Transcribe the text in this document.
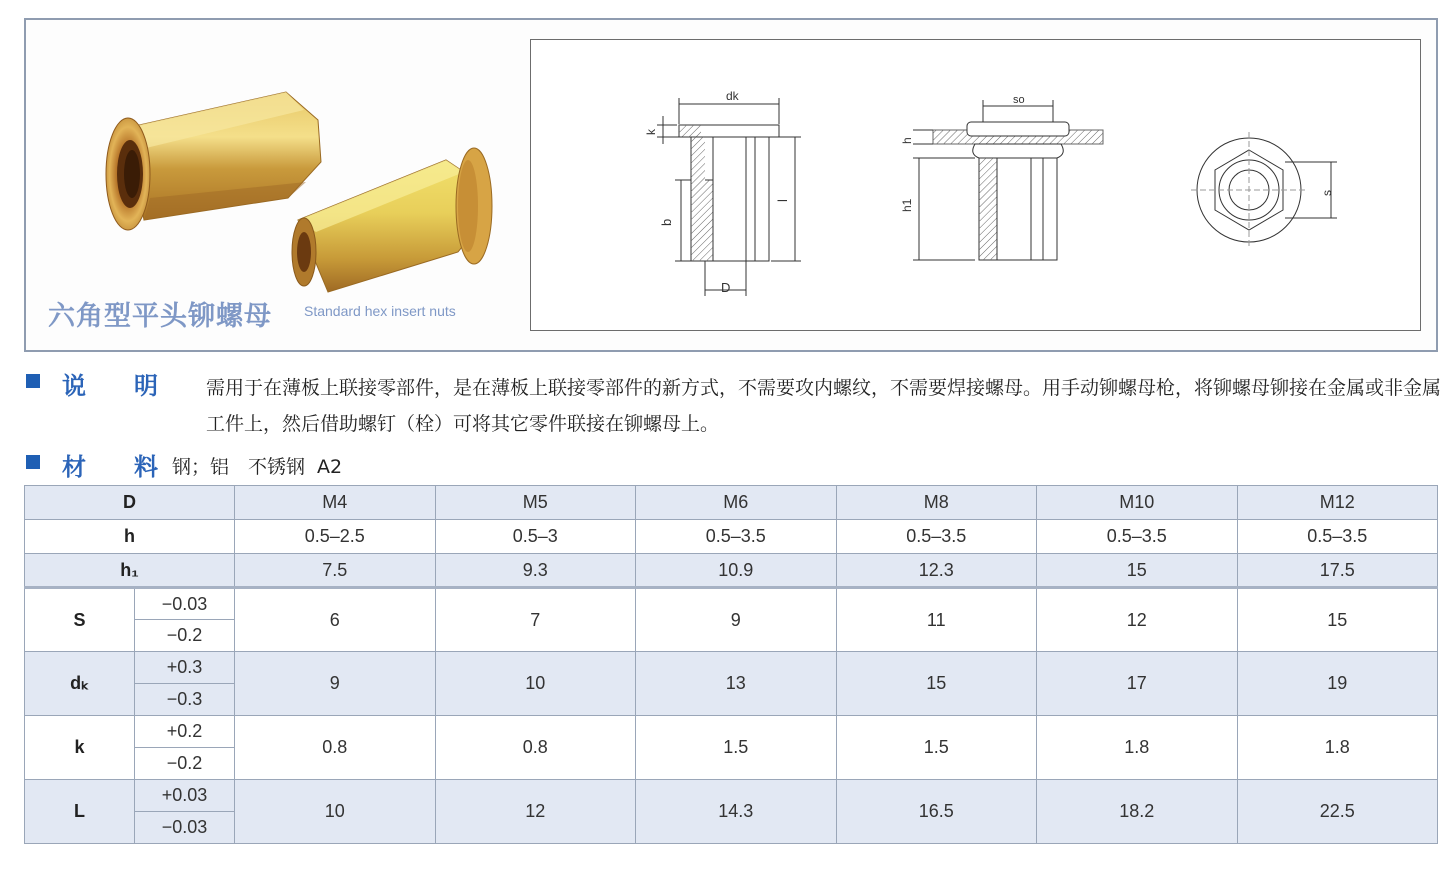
六角型平头铆螺母 Standard hex insert nuts
dk
k
b
l
D
so
h
h1
s
说　　明	需用于在薄板上联接零部件，是在薄板上联接零部件的新方式，不需要攻内螺纹，不需要焊接螺母。用手动铆螺母枪，将铆螺母铆接在金属或非金属工件上，然后借助螺钉（栓）可将其它零件联接在铆螺母上。
材　　料 钢；铝　不锈钢 A2
D		M4	M5	M6	M8	M10	M12
h		0.5–2.5	0.5–3	0.5–3.5	0.5–3.5	0.5–3.5	0.5–3.5
h₁		7.5	9.3	10.9	12.3	15	17.5
S	−0.03	6	7	9	11	12	15
	−0.2						
dₖ	+0.3	9	10	13	15	17	19
	−0.3						
k	+0.2	0.8	0.8	1.5	1.5	1.8	1.8
	−0.2						
L	+0.03	10	12	14.3	16.5	18.2	22.5
	−0.03						
